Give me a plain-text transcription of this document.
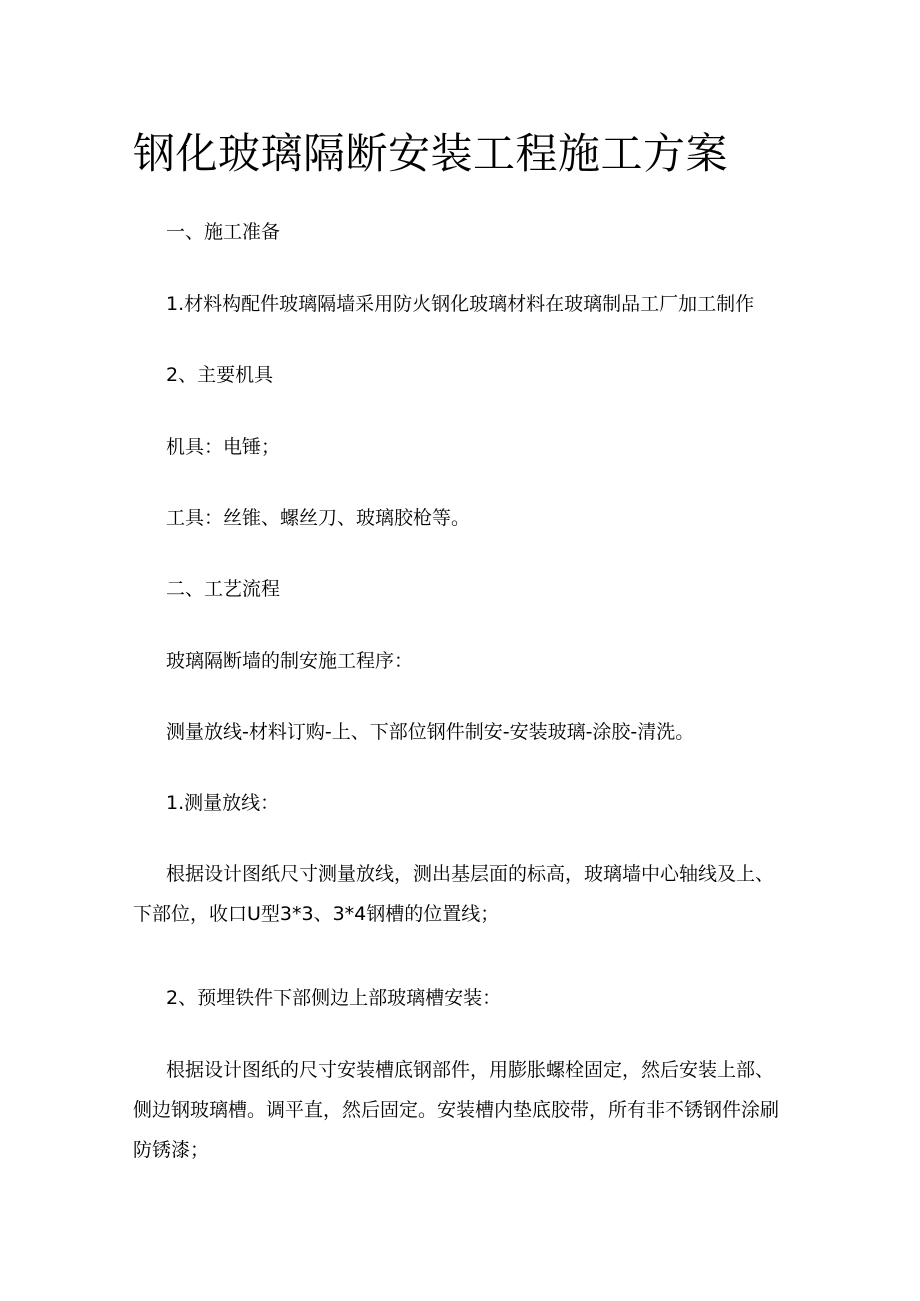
钢化玻璃隔断安装工程施工方案

一、施工准备

1.材料构配件玻璃隔墙采用防火钢化玻璃材料在玻璃制品工厂加工制作

2、主要机具

机具：电锤；

工具：丝锥、螺丝刀、玻璃胶枪等。

二、工艺流程

玻璃隔断墙的制安施工程序：

测量放线-材料订购-上、下部位钢件制安-安装玻璃-涂胶-清洗。

1.测量放线：

根据设计图纸尺寸测量放线，测出基层面的标高，玻璃墙中心轴线及上、下部位，收口U型3*3、3*4钢槽的位置线；

2、预埋铁件下部侧边上部玻璃槽安装：

根据设计图纸的尺寸安装槽底钢部件，用膨胀螺栓固定，然后安装上部、侧边钢玻璃槽。调平直，然后固定。安装槽内垫底胶带，所有非不锈钢件涂刷防锈漆；
